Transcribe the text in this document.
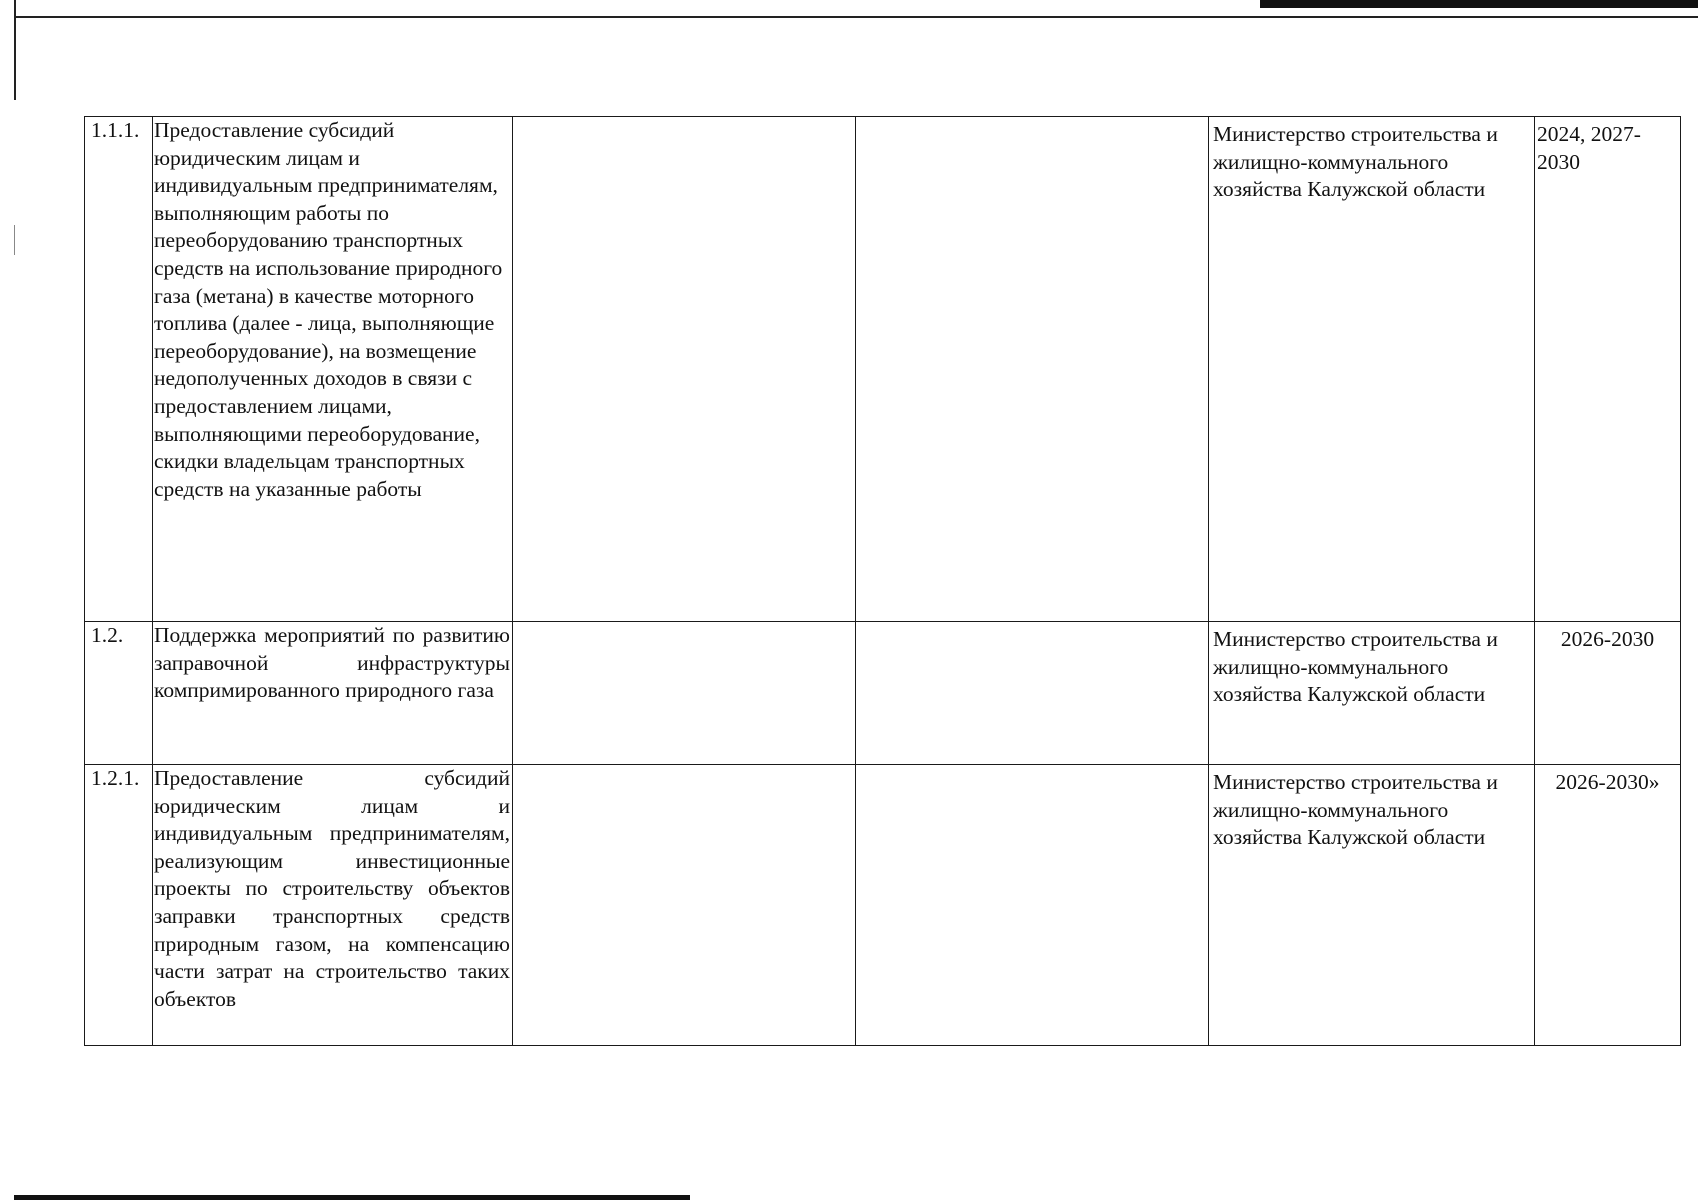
1.1.1.	Предоставление субсидий юридическим лицам и индивидуальным предпринимателям, выполняющим работы по переоборудованию транспортных средств на использование природного газа (метана) в качестве моторного топлива (далее - лица, выполняющие переоборудование), на возмещение недополученных доходов в связи с предоставлением лицами, выполняющими переоборудование, скидки владельцам транспортных средств на указанные работы			Министерство строительства и жилищно-коммунального хозяйства Калужской области	2024, 2027-2030
1.2.	Поддержка мероприятий по развитию заправочной инфраструктуры компримированного природного газа			Министерство строительства и жилищно-коммунального хозяйства Калужской области	2026-2030
1.2.1.	Предоставление субсидий юридическим лицам и индивидуальным предпринимателям, реализующим инвестиционные проекты по строительству объектов заправки транспортных средств природным газом, на компенсацию части затрат на строительство таких объектов			Министерство строительства и жилищно-коммунального хозяйства Калужской области	2026-2030»
